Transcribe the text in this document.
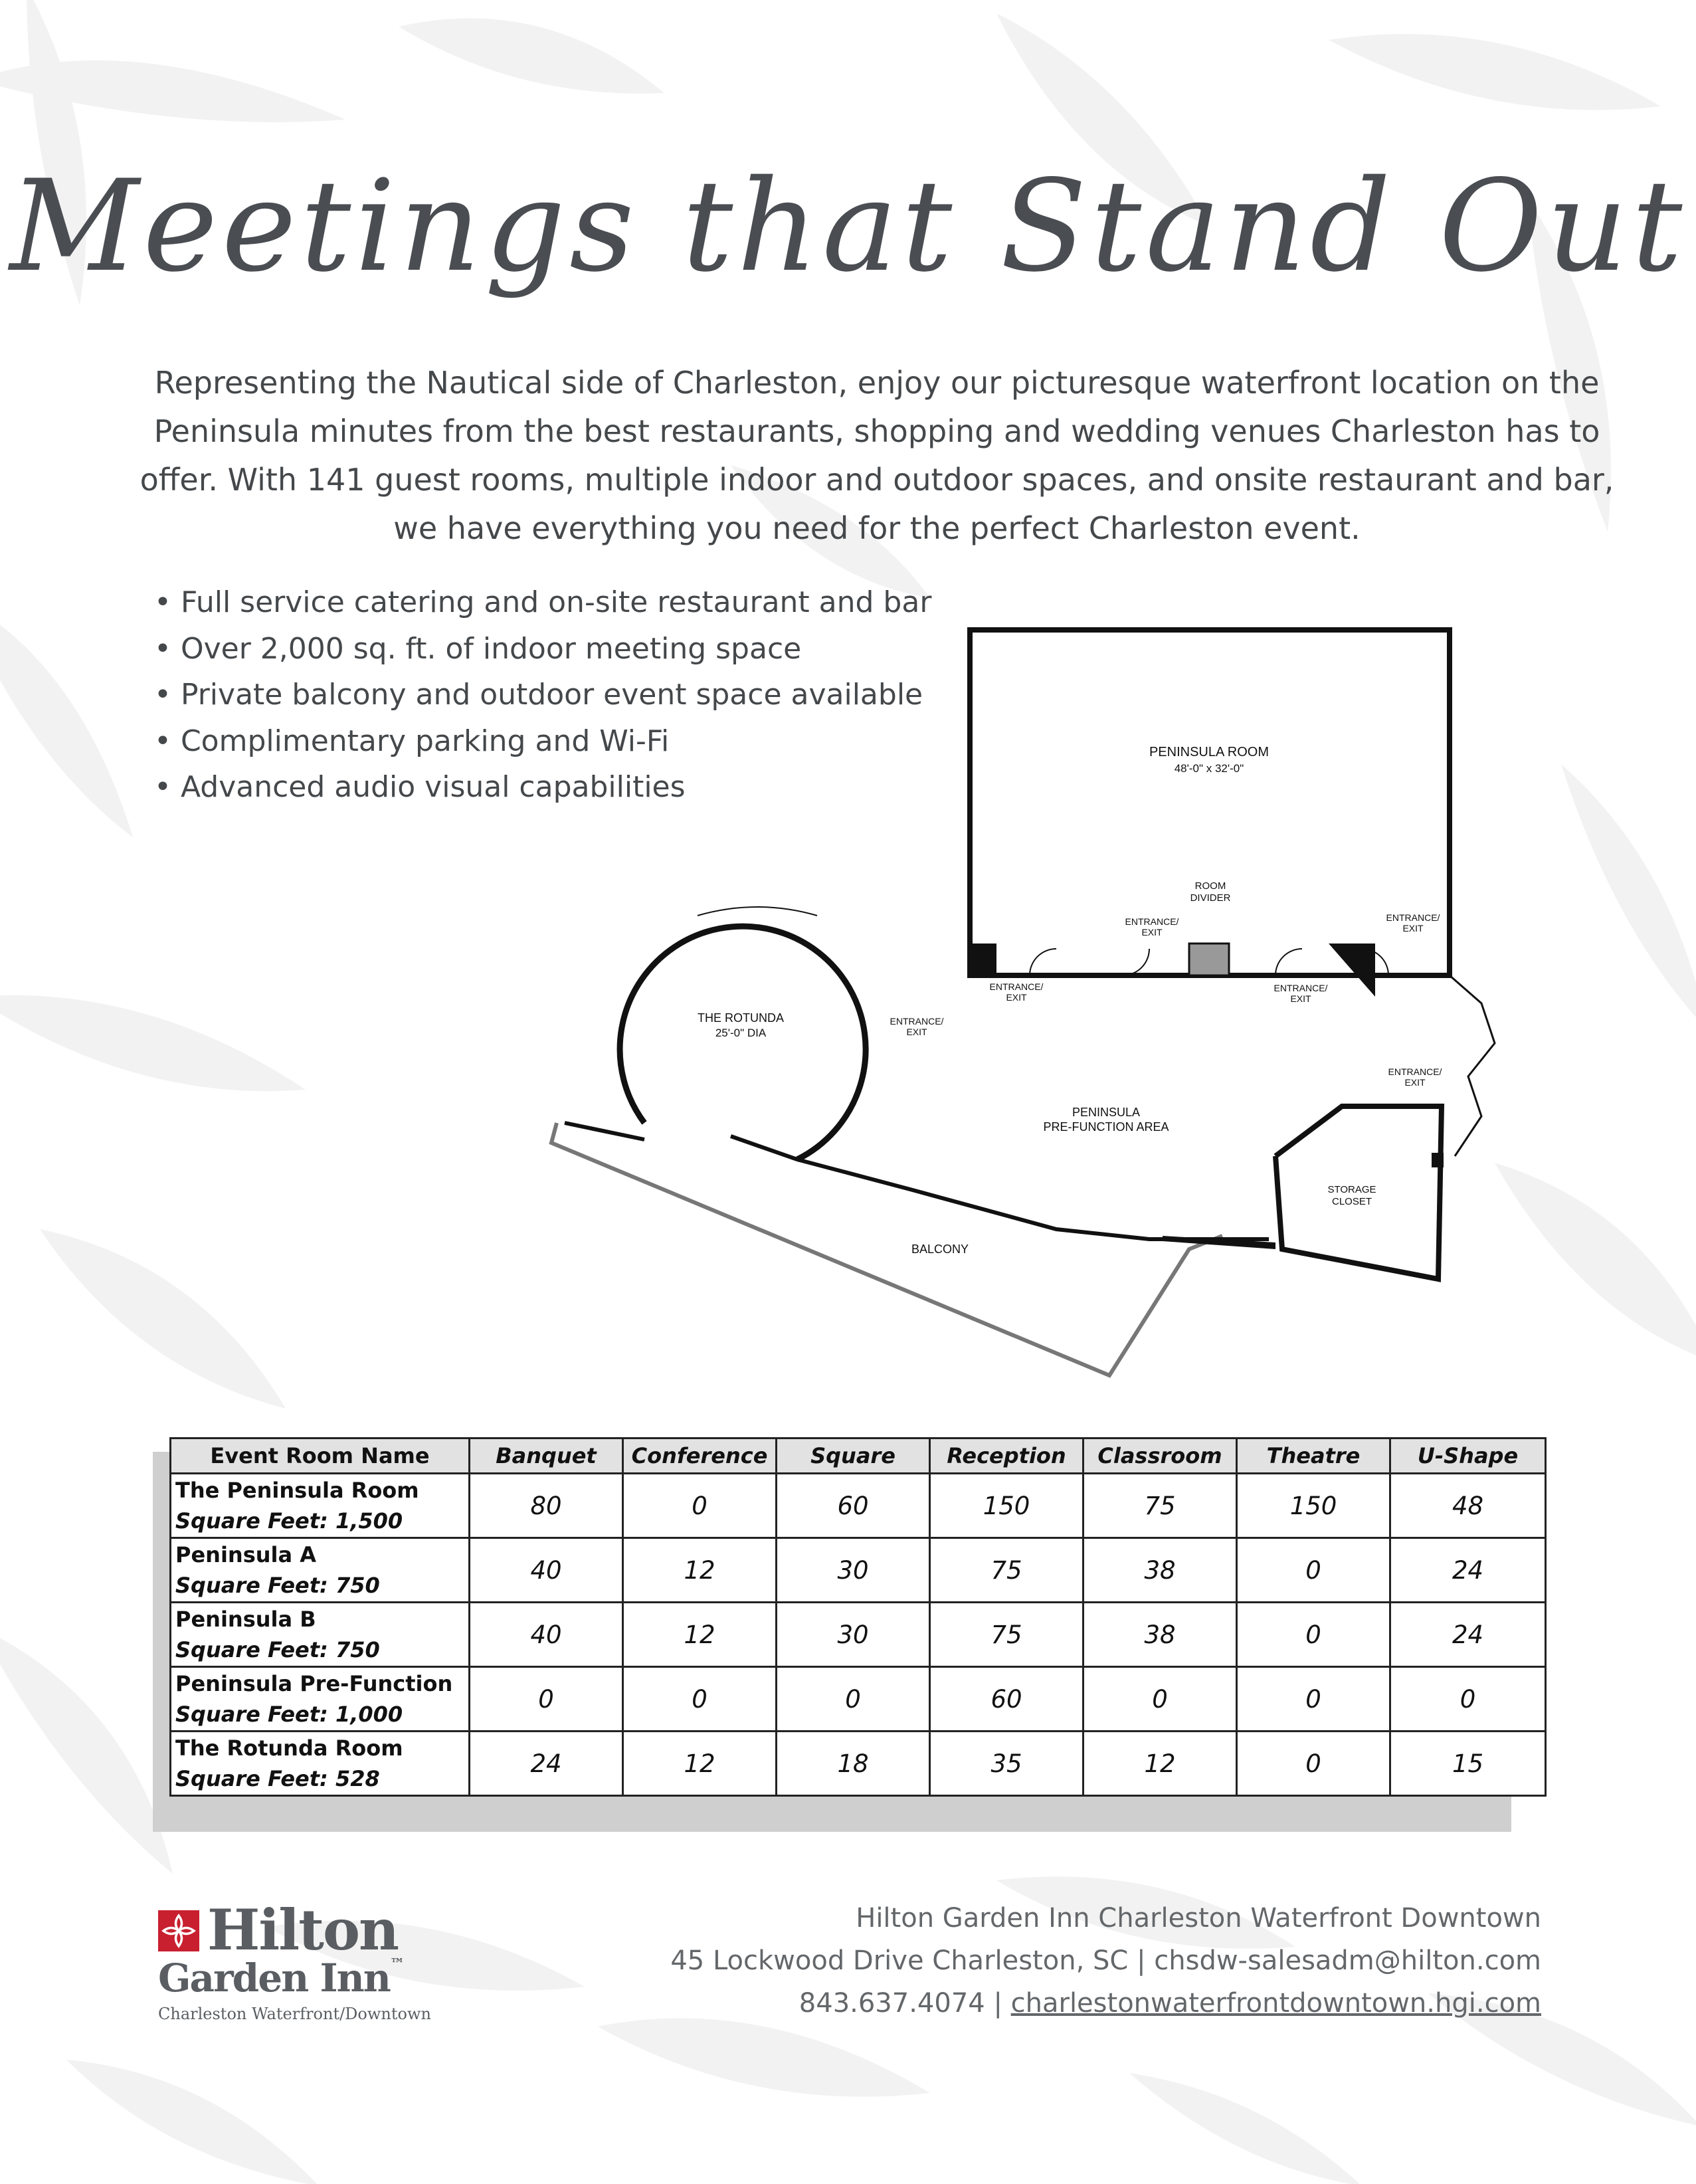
Meetings that Stand Out
Representing the Nautical side of Charleston, enjoy our picturesque waterfront location on the Peninsula minutes from the best restaurants, shopping and wedding venues Charleston has to offer. With 141 guest rooms, multiple indoor and outdoor spaces, and onsite restaurant and bar, we have everything you need for the perfect Charleston event.
• Full service catering and on-site restaurant and bar
• Over 2,000 sq. ft. of indoor meeting space
• Private balcony and outdoor event space available
• Complimentary parking and Wi-Fi
• Advanced audio visual capabilities
PENINSULA ROOM
48'-0" x 32'-0"
ROOM
DIVIDER
ENTRANCE/
EXIT
ENTRANCE/
EXIT
ENTRANCE/
EXIT
ENTRANCE/
EXIT
ENTRANCE/
EXIT
ENTRANCE/
EXIT
THE ROTUNDA
25'-0" DIA
PENINSULA
PRE-FUNCTION AREA
STORAGE
CLOSET
BALCONY
Event Room Name	Banquet	Conference	Square	Reception	Classroom	Theatre	U-Shape

The Peninsula Room
Square Feet: 1,500	80	0	60	150	75	150	48

Peninsula A
Square Feet: 750	40	12	30	75	38	0	24

Peninsula B
Square Feet: 750	40	12	30	75	38	0	24

Peninsula Pre-Function
Square Feet: 1,000	0	0	0	60	0	0	0

The Rotunda Room
Square Feet: 528	24	12	18	35	12	0	15
Hilton
Garden Inn™
Charleston Waterfront/Downtown
Hilton Garden Inn Charleston Waterfront Downtown
45 Lockwood Drive Charleston, SC | chsdw-salesadm@hilton.com
843.637.4074 | charlestonwaterfrontdowntown.hgi.com
